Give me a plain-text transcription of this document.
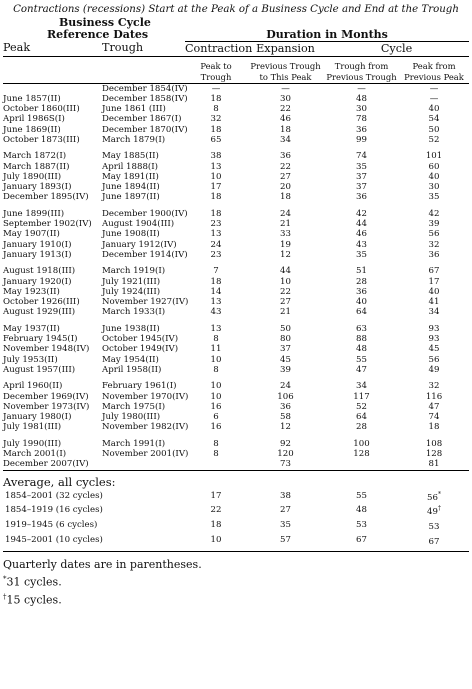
Contractions (recessions) Start at the Peak of a Business Cycle and End at the Trough
Business Cycle
Reference Dates		Duration in Months			
Peak	Trough	Contraction	Expansion	Cycle	
		Peak to Trough	Previous Trough to This Peak	Trough from Previous Trough	Peak from Previous Peak
	December 1854(IV)	—	—	—	—
June 1857(II)	December 1858(IV)	18	30	48	—
October 1860(III)	June 1861 (III)	8	22	30	40
April 1986S(I)	December 1867(I)	32	46	78	54
June 1869(II)	December 1870(IV)	18	18	36	50
October 1873(III)	March 1879(I)	65	34	99	52

March 1872(I)	May 1885(II)	38	36	74	101
March 1887(II)	April 1888(I)	13	22	35	60
July 1890(III)	May 1891(II)	10	27	37	40
January 1893(I)	June 1894(II)	17	20	37	30
December 1895(IV)	June 1897(II)	18	18	36	35

June 1899(III)	December 1900(IV)	18	24	42	42
September 1902(IV)	August 1904(III)	23	21	44	39
May 1907(II)	June 1908(II)	13	33	46	56
January 1910(I)	January 1912(IV)	24	19	43	32
January 1913(I)	December 1914(IV)	23	12	35	36

August 1918(III)	March 1919(I)	7	44	51	67
January 1920(I)	July 1921(III)	18	10	28	17
May 1923(II)	July 1924(III)	14	22	36	40
October 1926(III)	November 1927(IV)	13	27	40	41
August 1929(III)	March 1933(I)	43	21	64	34

May 1937(II)	June 1938(II)	13	50	63	93
February 1945(I)	October 1945(IV)	8	80	88	93
November 1948(IV)	October 1949(IV)	11	37	48	45
July 1953(II)	May 1954(II)	10	45	55	56
August 1957(III)	April 1958(II)	8	39	47	49

April 1960(II)	February 1961(I)	10	24	34	32
December 1969(IV)	November 1970(IV)	10	106	117	116
November 1973(IV)	March 1975(I)	16	36	52	47
January 1980(I)	July 1980(III)	6	58	64	74
July 1981(III)	November 1982(IV)	16	12	28	18

July 1990(III)	March 1991(I)	8	92	100	108
March 2001(I)	November 2001(IV)	8	120	128	128
December 2007(IV)			73		81

Average, all cycles:					
1854–2001 (32 cycles)		17	38	55	56*
1854–1919 (16 cycles)		22	27	48	49†
1919–1945 (6 cycles)		18	35	53	53
1945–2001 (10 cycles)		10	57	67	67

Quarterly dates are in parentheses.
*31 cycles.
†15 cycles.
